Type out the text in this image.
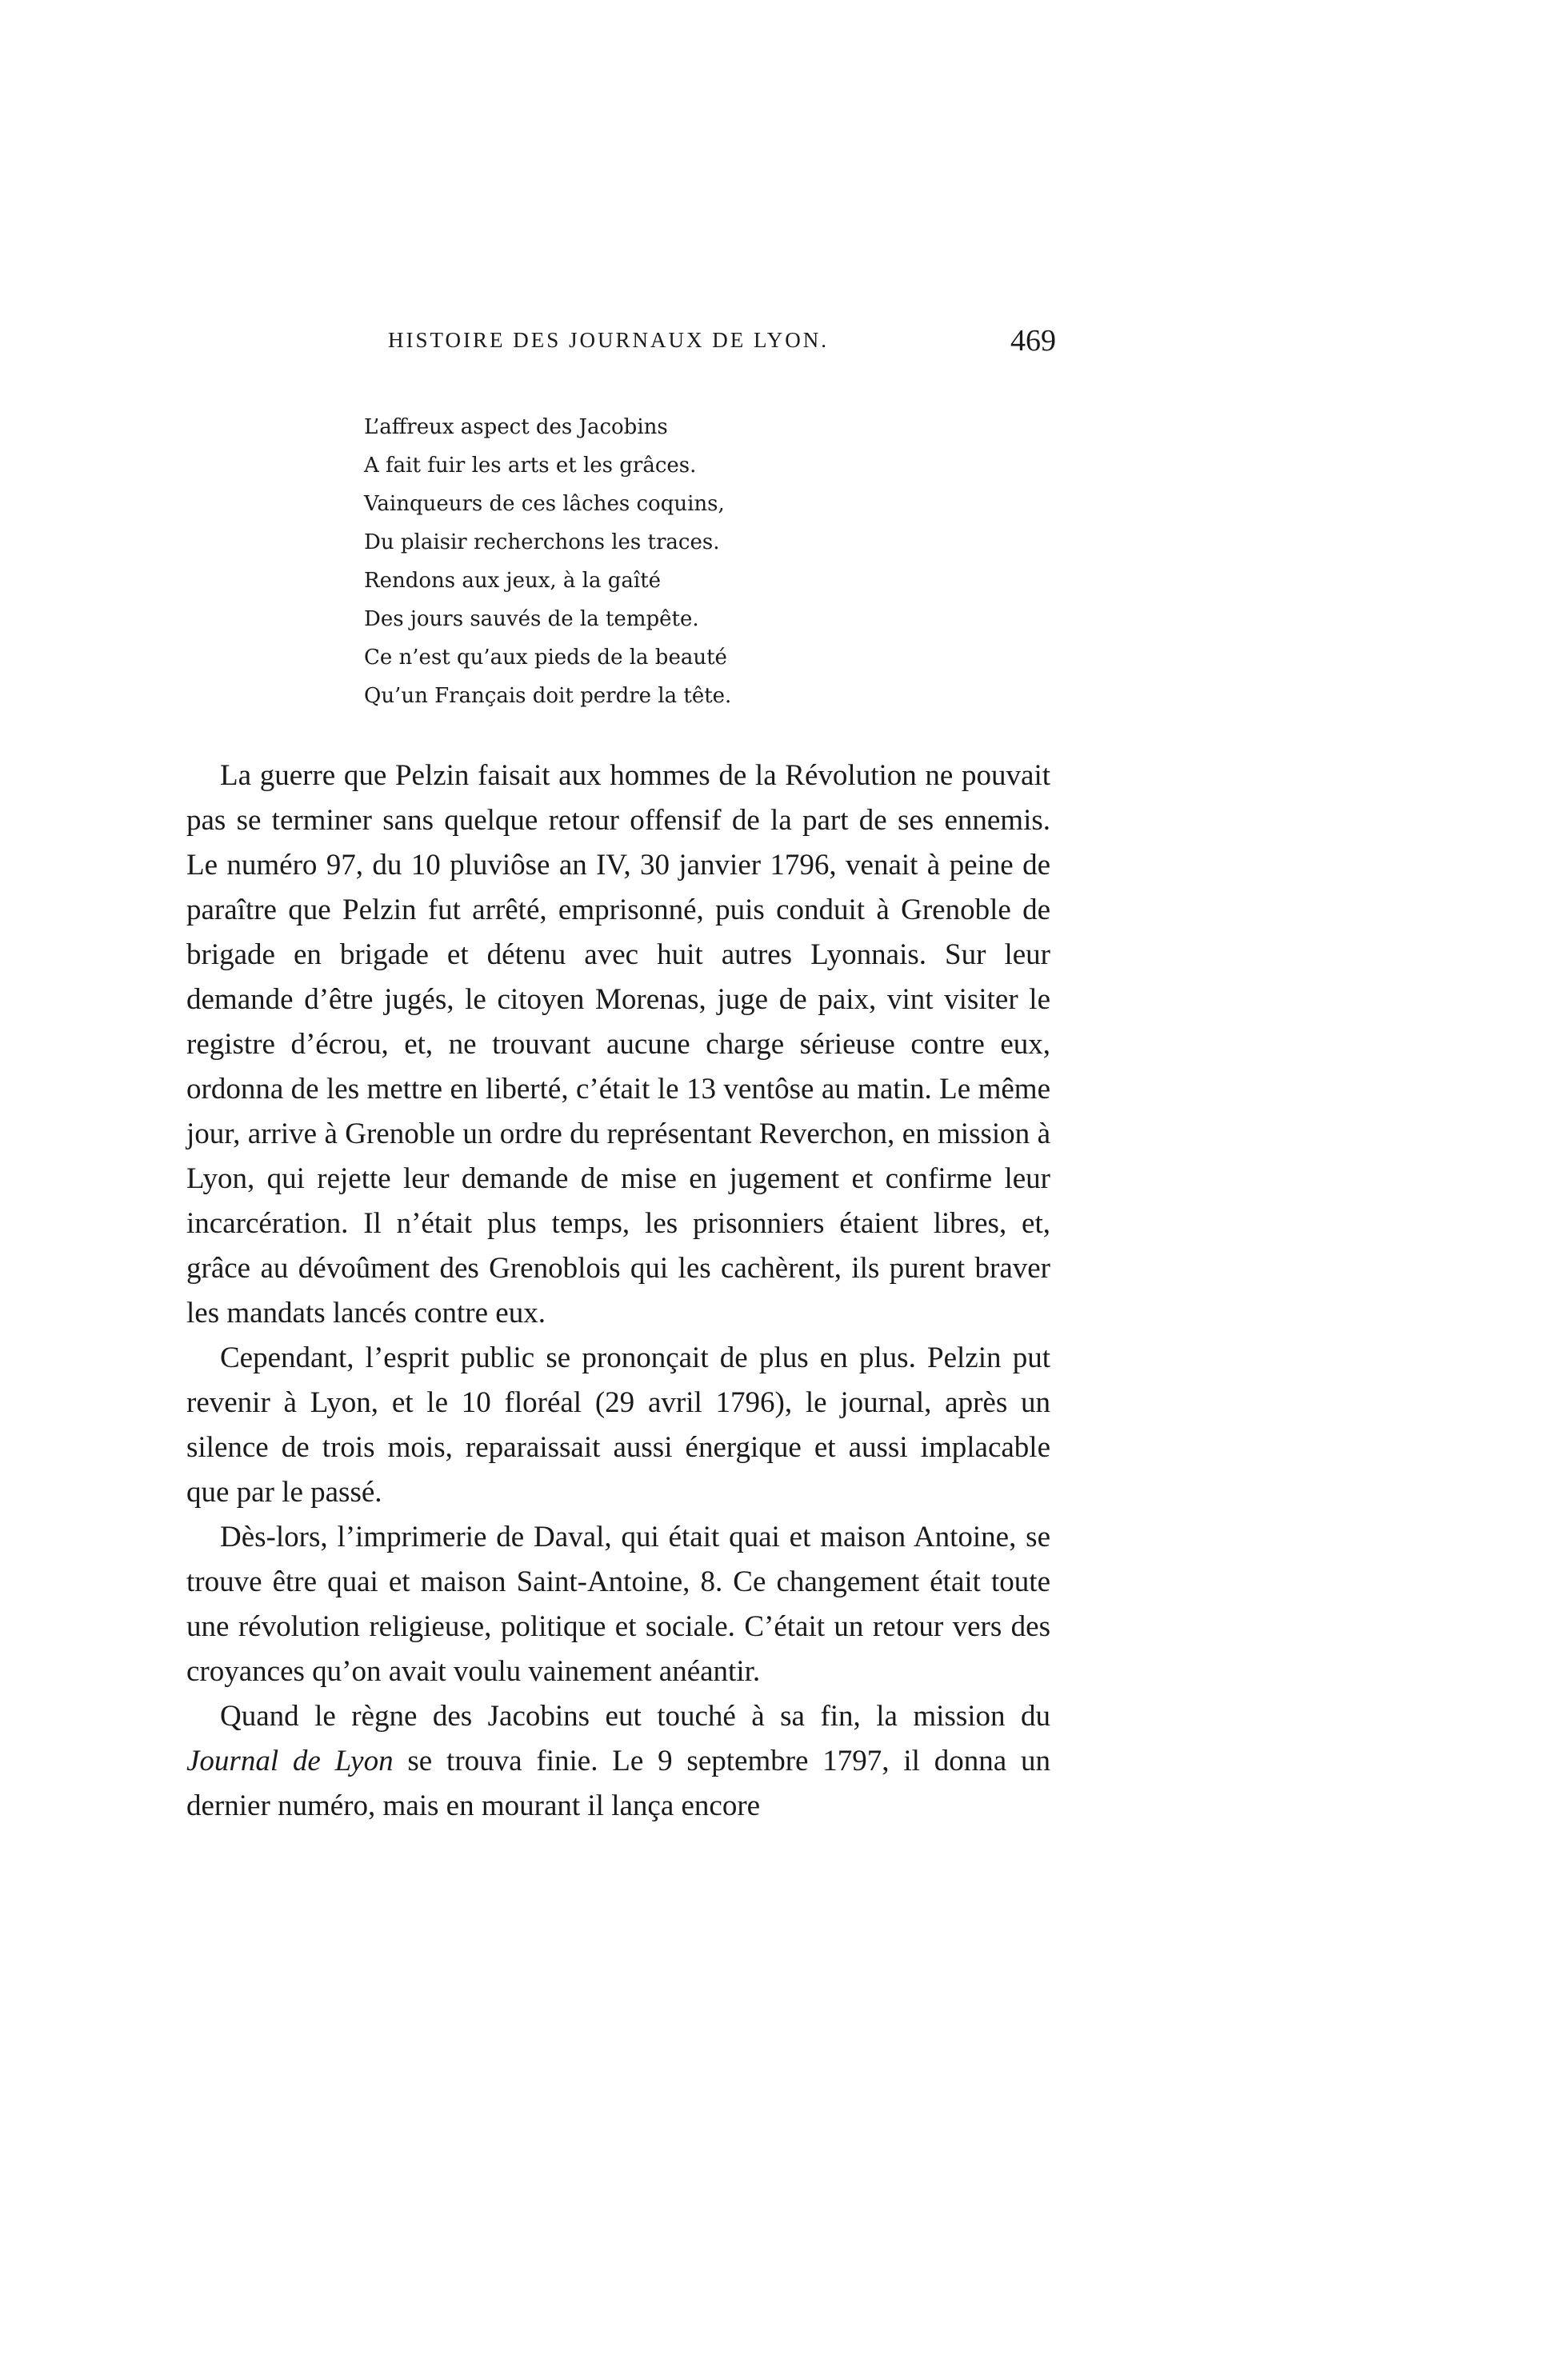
HISTOIRE DES JOURNAUX DE LYON.	469
L’affreux aspect des Jacobins
A fait fuir les arts et les grâces.
Vainqueurs de ces lâches coquins,
Du plaisir recherchons les traces.
Rendons aux jeux, à la gaîté
Des jours sauvés de la tempête.
Ce n’est qu’aux pieds de la beauté
Qu’un Français doit perdre la tête.

La guerre que Pelzin faisait aux hommes de la Révolution ne pouvait pas se terminer sans quelque retour offensif de la part de ses ennemis. Le numéro 97, du 10 pluviôse an IV, 30 janvier 1796, venait à peine de paraître que Pelzin fut arrêté, emprisonné, puis conduit à Grenoble de brigade en brigade et détenu avec huit autres Lyonnais. Sur leur demande d’être jugés, le citoyen Morenas, juge de paix, vint visiter le registre d’écrou, et, ne trouvant aucune charge sérieuse contre eux, ordonna de les mettre en liberté, c’était le 13 ventôse au matin. Le même jour, arrive à Grenoble un ordre du représentant Reverchon, en mission à Lyon, qui rejette leur demande de mise en jugement et confirme leur incarcération. Il n’était plus temps, les prisonniers étaient libres, et, grâce au dévoûment des Grenoblois qui les cachèrent, ils purent braver les mandats lancés contre eux.

Cependant, l’esprit public se prononçait de plus en plus. Pelzin put revenir à Lyon, et le 10 floréal (29 avril 1796), le journal, après un silence de trois mois, reparaissait aussi énergique et aussi implacable que par le passé.

Dès-lors, l’imprimerie de Daval, qui était quai et maison Antoine, se trouve être quai et maison Saint-Antoine, 8. Ce changement était toute une révolution religieuse, politique et sociale. C’était un retour vers des croyances qu’on avait voulu vainement anéantir.

Quand le règne des Jacobins eut touché à sa fin, la mission du Journal de Lyon se trouva finie. Le 9 septembre 1797, il donna un dernier numéro, mais en mourant il lança encore
